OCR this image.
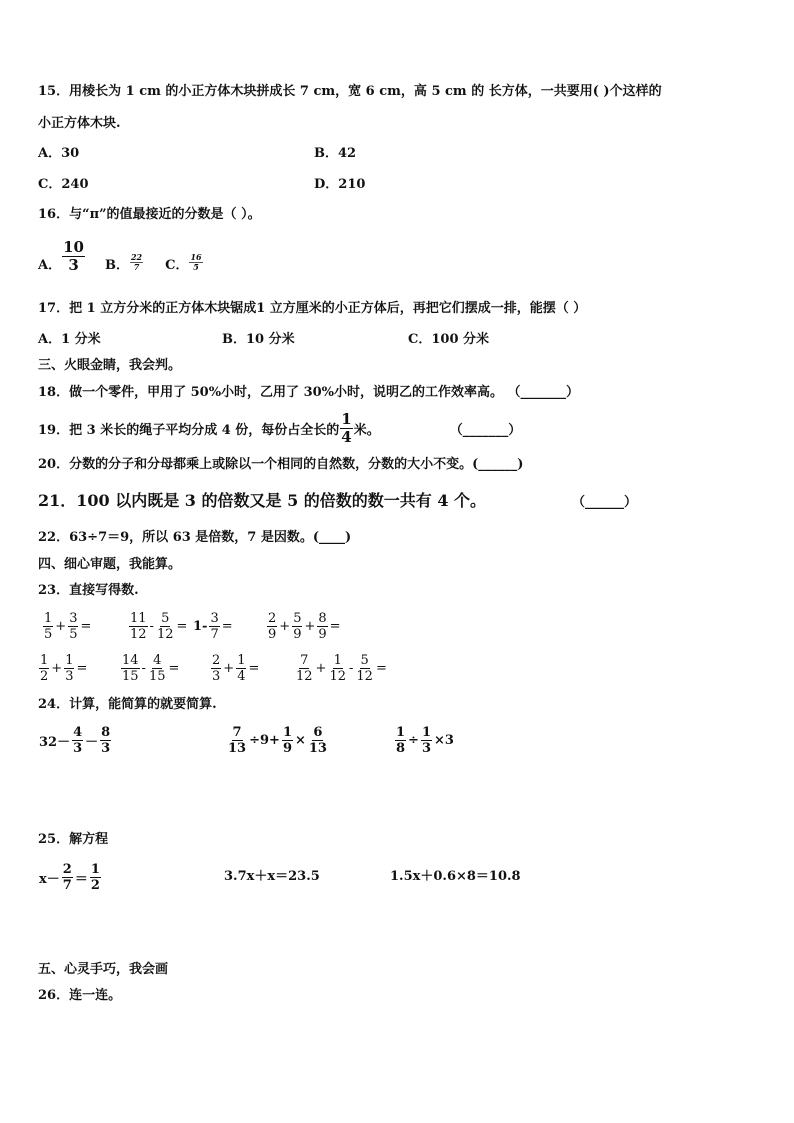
15．用棱长为 1 cm 的小正方体木块拼成长 7 cm，宽 6 cm，高 5 cm 的 长方体，一共要用( )个这样的
小正方体木块.
A．30	B．42
C．240	D．210
16．与“π”的值最接近的分数是（ ）。
A． $\frac{10}{3}$ B． $\frac{22}{7}$ C． $\frac{16}{5}$
17．把 1 立方分米的正方体木块锯成1 立方厘米的小正方体后，再把它们摆成一排，能摆（ ）
A．1 分米	B．10 分米	C．100 分米
三、火眼金睛，我会判。
18．做一个零件，甲用了 50%小时，乙用了 30%小时，说明乙的工作效率高。 （_______）
19．把 3 米长的绳子平均分成 4 份，每份占全长的 $\frac{1}{4}$ 米。	（_______）
20．分数的分子和分母都乘上或除以一个相同的自然数，分数的大小不变。(______)
21．100 以内既是 3 的倍数又是 5 的倍数的数一共有 4 个。	（______）
22．63÷7＝9，所以 63 是倍数，7 是因数。(____)
四、细心审题，我能算。
23．直接写得数.
$\frac{1}{5} + \frac{3}{5}$ =	$\frac{11}{12} - \frac{5}{12} = 1- \frac{3}{7}$ =	$\frac{2}{9} + \frac{5}{9} + \frac{8}{9}$ =
$\frac{1}{2} + \frac{1}{3}$ =	$\frac{14}{15} - \frac{4}{15} = \frac{2}{3} + \frac{1}{4}$ =	$\frac{7}{12} + \frac{1}{12} - \frac{5}{12}$ =
24．计算，能简算的就要简算.
$32- \frac{4}{3} - \frac{8}{3}$	$\frac{7}{13} \div 9+ \frac{1}{9} \times \frac{6}{13}$	$\frac{1}{8} \div \frac{1}{3} \times 3$
25．解方程
$x- \frac{2}{7} = \frac{1}{2}$	3.7x＋x＝23.5	1.5x＋0.6×8＝10.8
五、心灵手巧，我会画
26．连一连。
